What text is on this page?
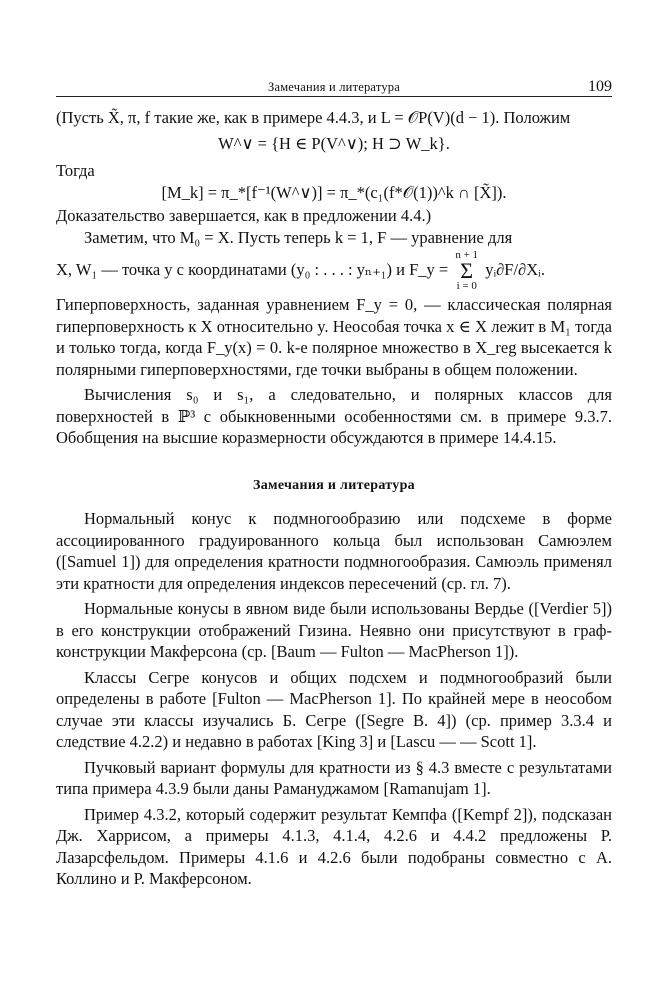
Замечания и литература	109

(Пусть X̃, π, f такие же, как в примере 4.4.3, и L = 𝒪P(V)(d − 1). Положим

W^∨ = {H ∈ P(V^∨); H ⊃ W_k}.

Тогда

[M_k] = π_*[f⁻¹(W^∨)] = π_*(c₁(f*𝒪(1))^k ∩ [X̃]).

Доказательство завершается, как в предложении 4.4.)

Заметим, что M₀ = X. Пусть теперь k = 1, F — уравнение для

X, W₁ — точка y с координатами (y₀ : . . . : yₙ₊₁) и F_y = n + 1
Σ
i = 0 yᵢ∂F/∂Xᵢ.

Гиперповерхность, заданная уравнением F_y = 0, — классическая полярная гиперповерхность к X относительно y. Неособая точка x ∈ X лежит в M₁ тогда и только тогда, когда F_y(x) = 0. k-е полярное множество в X_reg высекается k полярными гиперповерхностями, где точки выбраны в общем положении.

Вычисления s₀ и s₁, а следовательно, и полярных классов для поверхностей в ℙ³ с обыкновенными особенностями см. в примере 9.3.7. Обобщения на высшие коразмерности обсуждаются в примере 14.4.15.

Замечания и литература

Нормальный конус к подмногообразию или подсхеме в форме ассоциированного градуированного кольца был использован Самюэлем ([Samuel 1]) для определения кратности подмногообразия. Самюэль применял эти кратности для определения индексов пересечений (ср. гл. 7).

Нормальные конусы в явном виде были использованы Вердье ([Verdier 5]) в его конструкции отображений Гизина. Неявно они присутствуют в граф-конструкции Макферсона (ср. [Baum — Fulton — MacPherson 1]).

Классы Сегре конусов и общих подсхем и подмногообразий были определены в работе [Fulton — MacPherson 1]. По крайней мере в неособом случае эти классы изучались Б. Сегре ([Segre B. 4]) (ср. пример 3.3.4 и следствие 4.2.2) и недавно в работах [King 3] и [Lascu — — Scott 1].

Пучковый вариант формулы для кратности из § 4.3 вместе с результатами типа примера 4.3.9 были даны Рамануджамом [Ramanujam 1].

Пример 4.3.2, который содержит результат Кемпфа ([Kempf 2]), подсказан Дж. Харрисом, а примеры 4.1.3, 4.1.4, 4.2.6 и 4.4.2 предложены Р. Лазарсфельдом. Примеры 4.1.6 и 4.2.6 были подобраны совместно с А. Коллино и Р. Макферсоном.
